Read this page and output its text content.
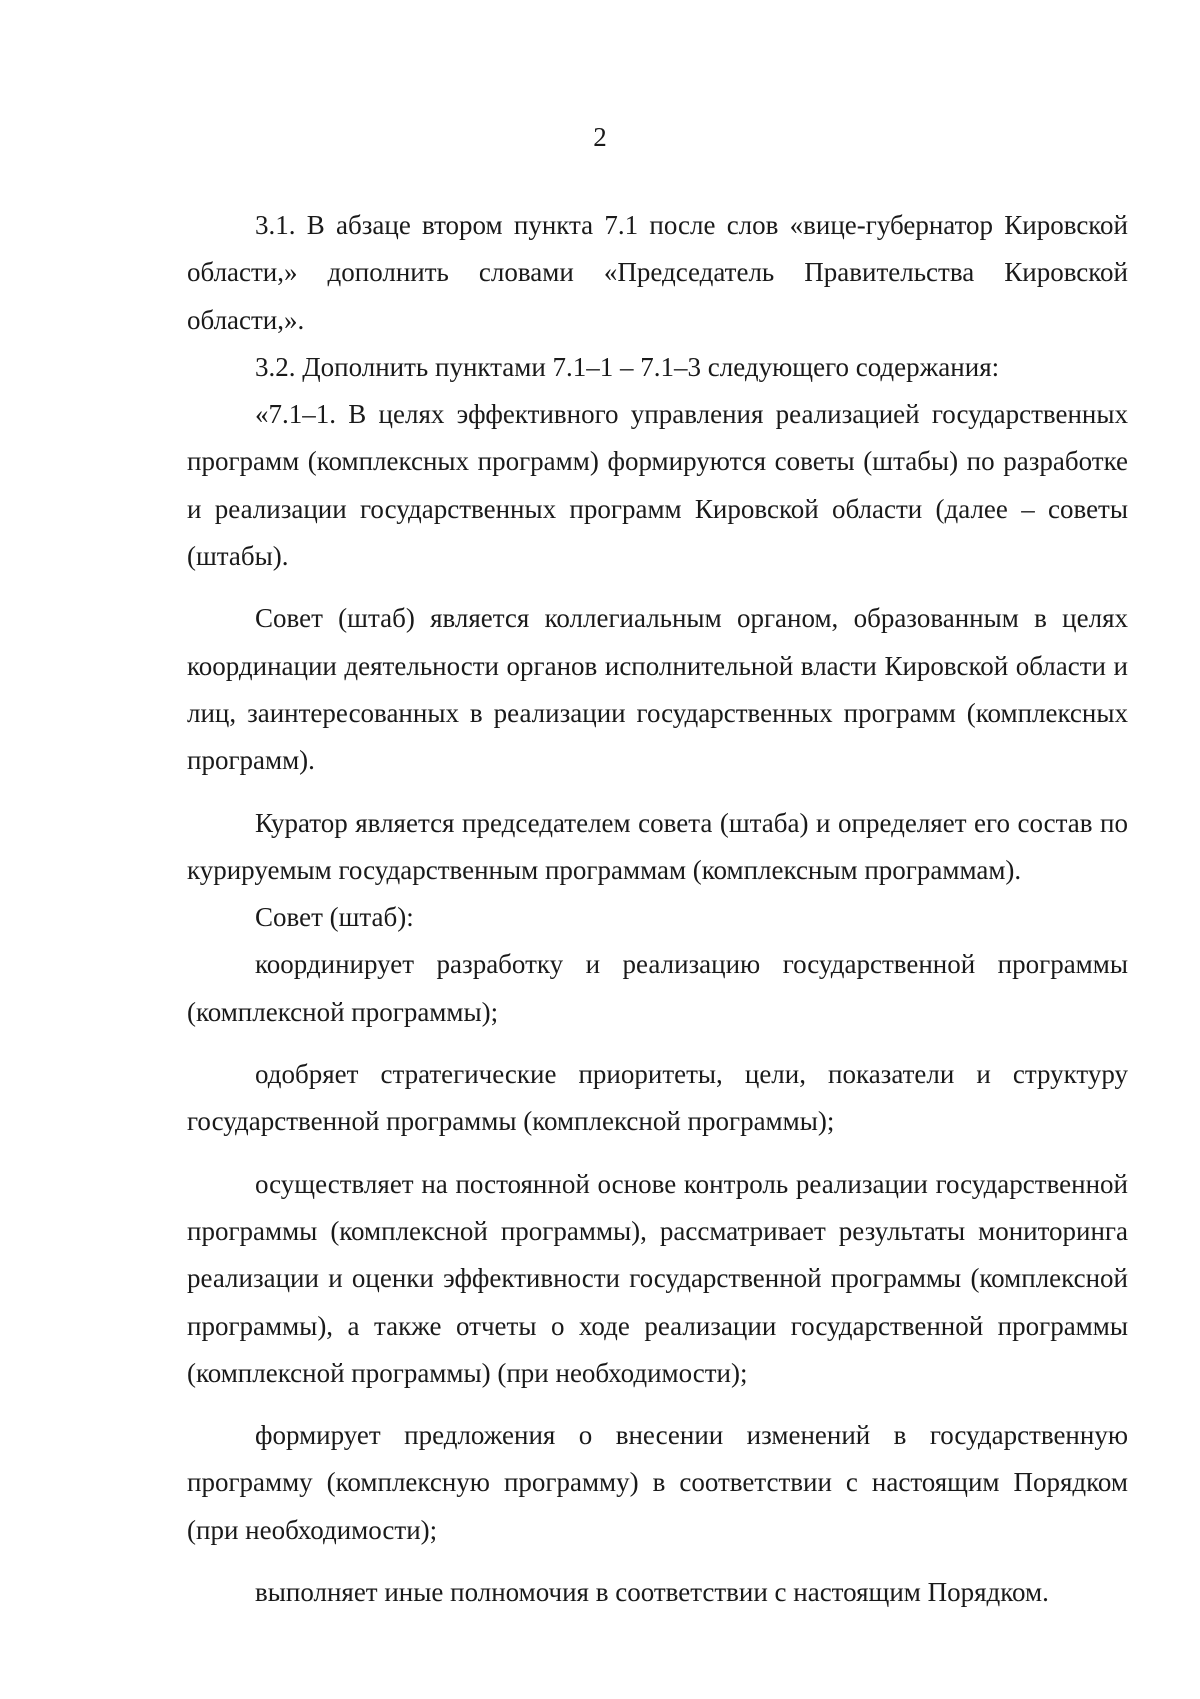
2

3.1. В абзаце втором пункта 7.1 после слов «вице-губернатор Кировской области,» дополнить словами «Председатель Правительства Кировской области,».

3.2. Дополнить пунктами 7.1–1 – 7.1–3 следующего содержания:

«7.1–1. В целях эффективного управления реализацией государственных программ (комплексных программ) формируются советы (штабы) по разработке и реализации государственных программ Кировской области (далее – советы (штабы).

Совет (штаб) является коллегиальным органом, образованным в целях координации деятельности органов исполнительной власти Кировской области и лиц, заинтересованных в реализации государственных программ (комплексных программ).

Куратор является председателем совета (штаба) и определяет его состав по курируемым государственным программам (комплексным программам).

Совет (штаб):

координирует разработку и реализацию государственной программы (комплексной программы);

одобряет стратегические приоритеты, цели, показатели и структуру государственной программы (комплексной программы);

осуществляет на постоянной основе контроль реализации государственной программы (комплексной программы), рассматривает результаты мониторинга реализации и оценки эффективности государственной программы (комплексной программы), а также отчеты о ходе реализации государственной программы (комплексной программы) (при необходимости);

формирует предложения о внесении изменений в государственную программу (комплексную программу) в соответствии с настоящим Порядком (при необходимости);

выполняет иные полномочия в соответствии с настоящим Порядком.
